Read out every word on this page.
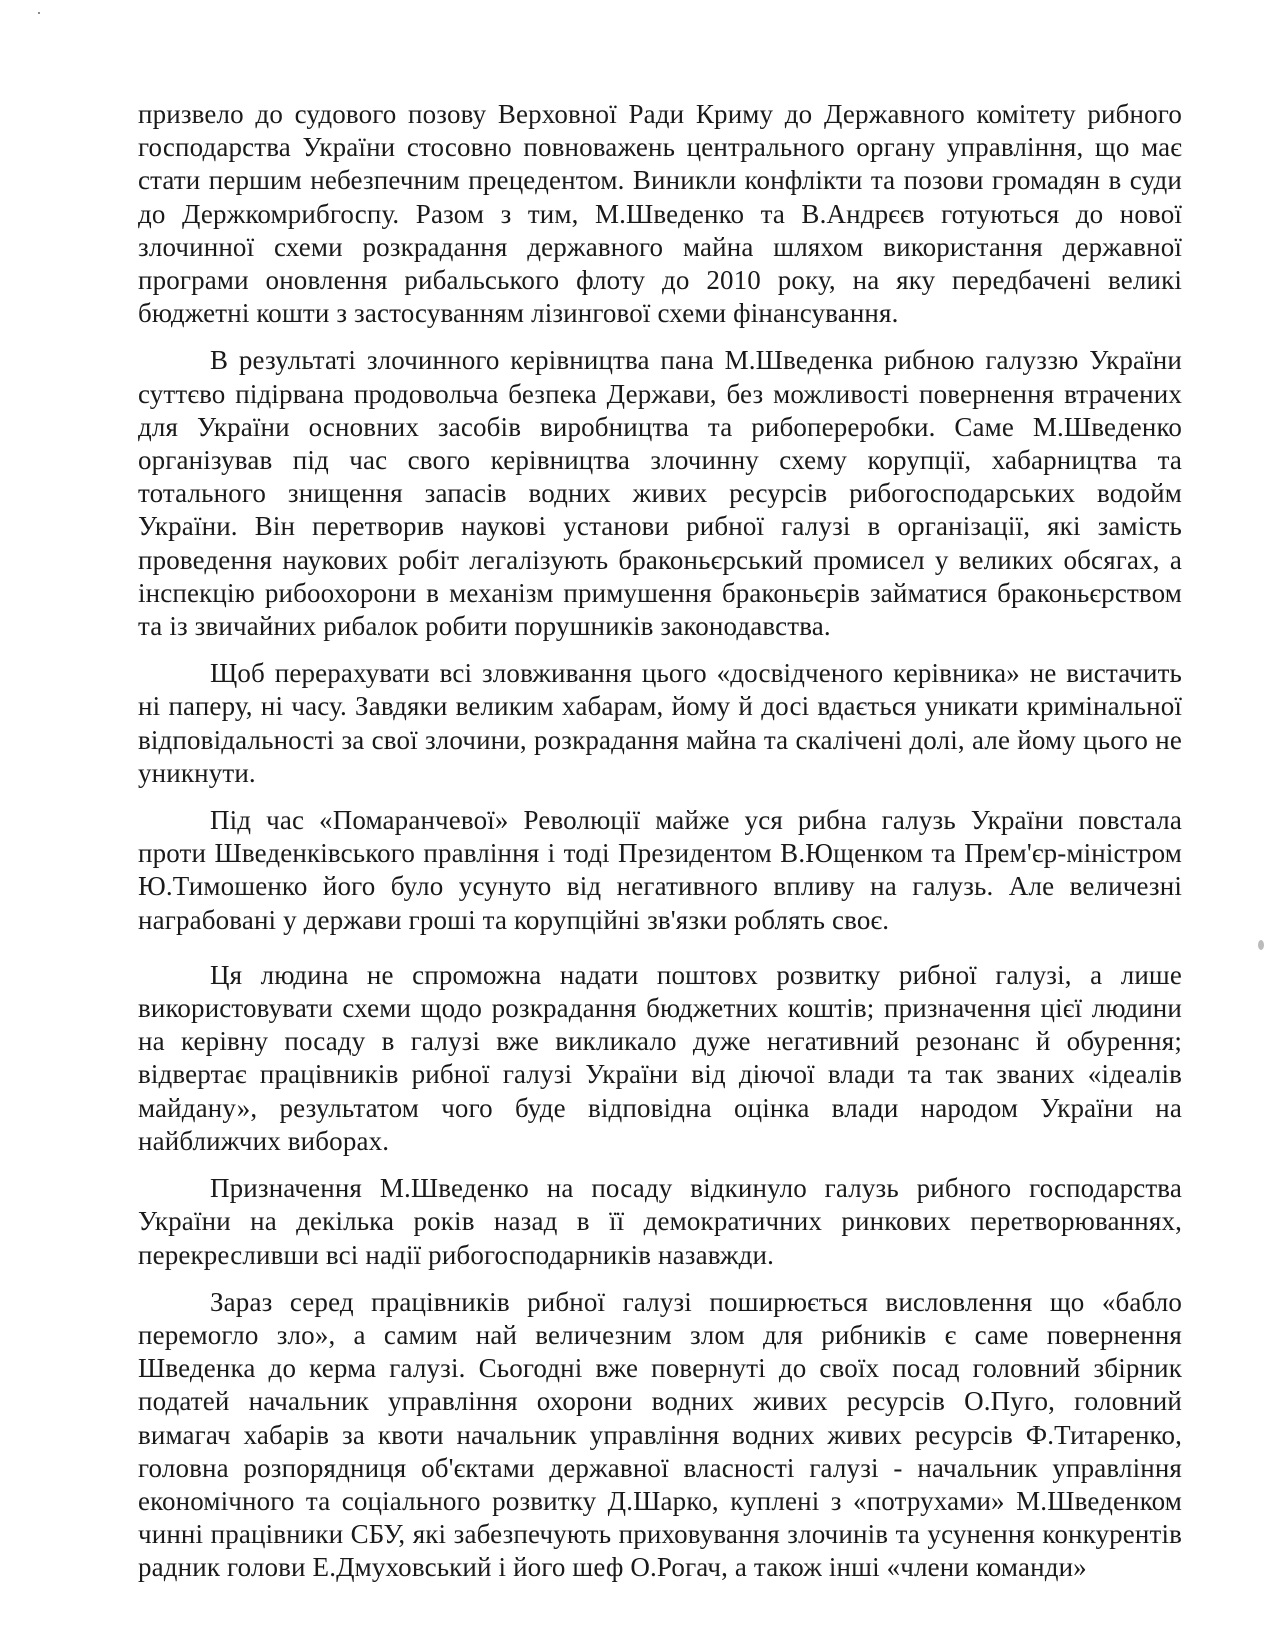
призвело до судового позову Верховної Ради Криму до Державного комітету рибного господарства України стосовно повноважень центрального органу управління, що має стати першим небезпечним прецедентом. Виникли конфлікти та позови громадян в суди до Держкомрибгоспу. Разом з тим, М.Шведенко та В.Андрєєв готуються до нової злочинної схеми розкрадання державного майна шляхом використання державної програми оновлення рибальського флоту до 2010 року, на яку передбачені великі бюджетні кошти з застосуванням лізингової схеми фінансування.

В результаті злочинного керівництва пана М.Шведенка рибною галуззю України суттєво підірвана продовольча безпека Держави, без можливості повернення втрачених для України основних засобів виробництва та рибопереробки. Саме М.Шведенко організував під час свого керівництва злочинну схему корупції, хабарництва та тотального знищення запасів водних живих ресурсів рибогосподарських водойм України. Він перетворив наукові установи рибної галузі в організації, які замість проведення наукових робіт легалізують браконьєрський промисел у великих обсягах, а інспекцію рибоохорони в механізм примушення браконьєрів займатися браконьєрством та із звичайних рибалок робити порушників законодавства.

Щоб перерахувати всі зловживання цього «досвідченого керівника» не вистачить ні паперу, ні часу. Завдяки великим хабарам, йому й досі вдається уникати кримінальної відповідальності за свої злочини, розкрадання майна та скалічені долі, але йому цього не уникнути.

Під час «Помаранчевої» Революції майже уся рибна галузь України повстала проти Шведенківського правління і тоді Президентом В.Ющенком та Прем'єр-міністром Ю.Тимошенко його було усунуто від негативного впливу на галузь. Але величезні награбовані у держави гроші та корупційні зв'язки роблять своє.

Ця людина не спроможна надати поштовх розвитку рибної галузі, а лише використовувати схеми щодо розкрадання бюджетних коштів; призначення цієї людини на керівну посаду в галузі вже викликало дуже негативний резонанс й обурення; відвертає працівників рибної галузі України від діючої влади та так званих «ідеалів майдану», результатом чого буде відповідна оцінка влади народом України на найближчих виборах.

Призначення М.Шведенко на посаду відкинуло галузь рибного господарства України на декілька років назад в її демократичних ринкових перетворюваннях, перекресливши всі надії рибогосподарників назавжди.

Зараз серед працівників рибної галузі поширюється висловлення що «бабло перемогло зло», а самим най величезним злом для рибників є саме повернення Шведенка до керма галузі. Сьогодні вже повернуті до своїх посад головний збірник податей начальник управління охорони водних живих ресурсів О.Пуго, головний вимагач хабарів за квоти начальник управління водних живих ресурсів Ф.Титаренко, головна розпорядниця об'єктами державної власності галузі - начальник управління економічного та соціального розвитку Д.Шарко, куплені з «потрухами» М.Шведенком чинні працівники СБУ, які забезпечують приховування злочинів та усунення конкурентів радник голови Е.Дмуховський і його шеф О.Рогач, а також інші «члени команди»
